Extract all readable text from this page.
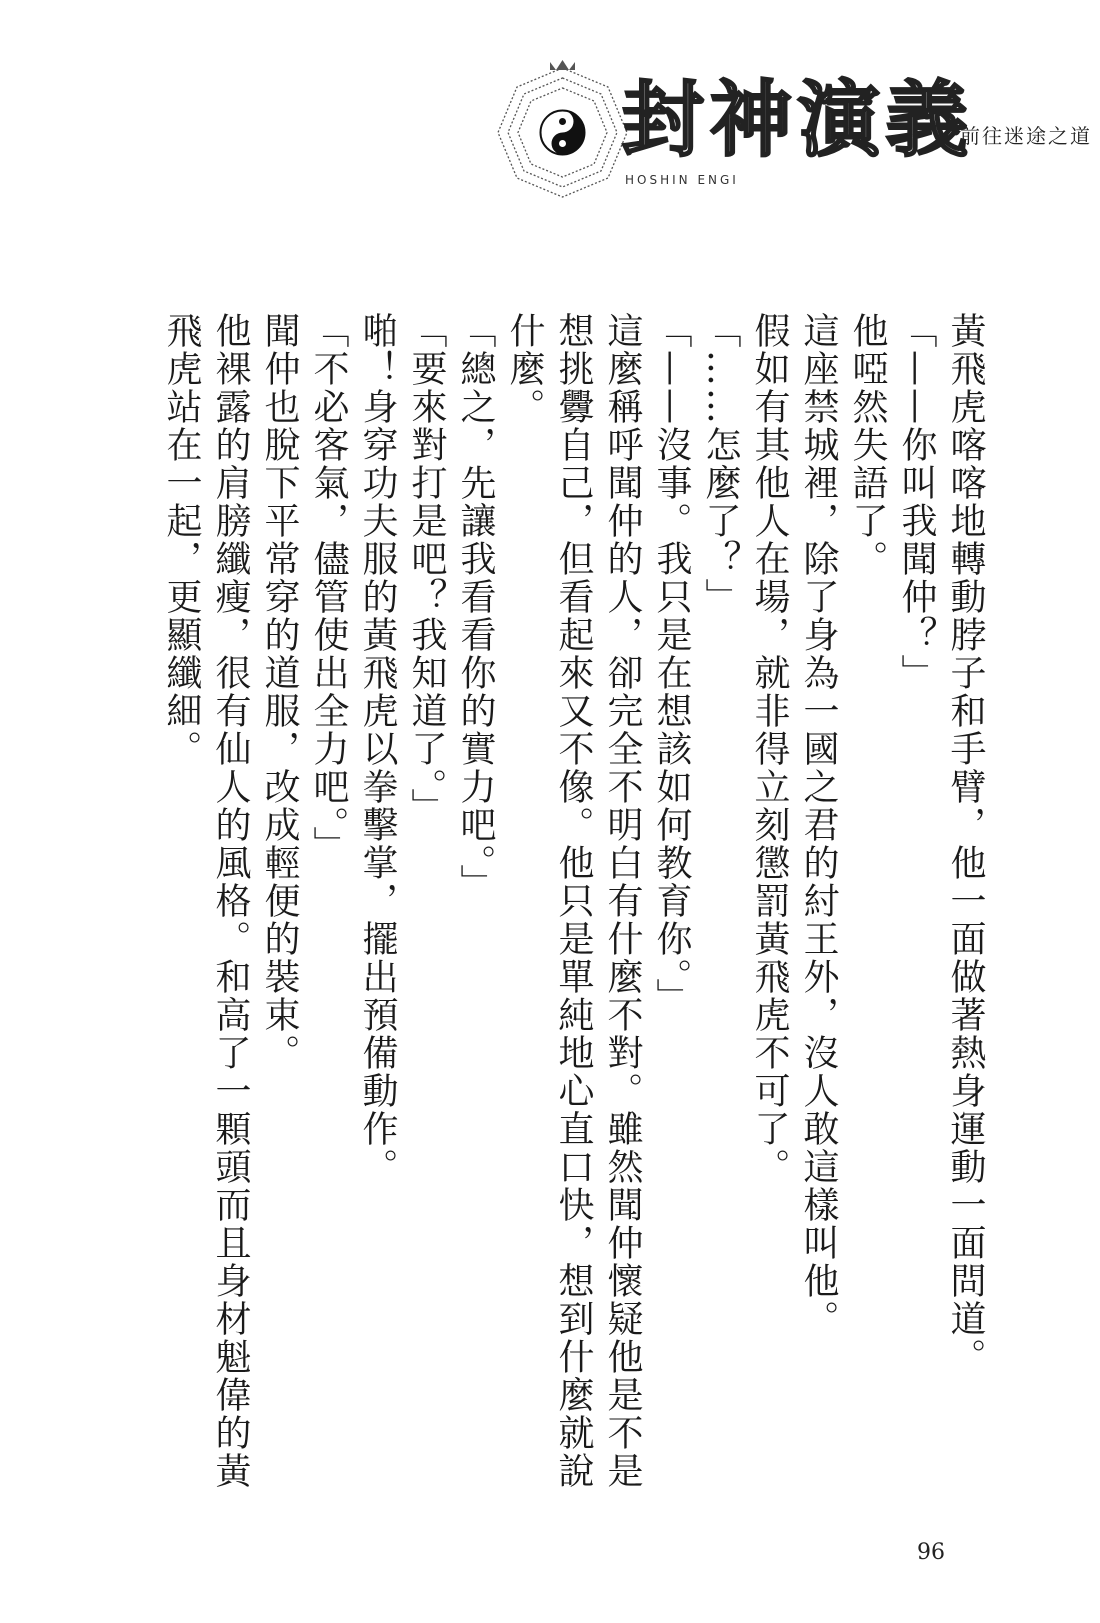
封神演義
HOSHIN ENGI
前往迷途之道

黃飛虎喀喀地轉動脖子和手臂，他一面做著熱身運動一面問道。

「——你叫我聞仲？」

他啞然失語了。

這座禁城裡，除了身為一國之君的紂王外，沒人敢這樣叫他。

假如有其他人在場，就非得立刻懲罰黃飛虎不可了。

「……怎麼了？」

「——沒事。我只是在想該如何教育你。」

這麼稱呼聞仲的人，卻完全不明白有什麼不對。雖然聞仲懷疑他是不是想挑釁自己，但看起來又不像。他只是單純地心直口快，想到什麼就說什麼。

「總之，先讓我看看你的實力吧。」

「要來對打是吧？我知道了。」

啪！身穿功夫服的黃飛虎以拳擊掌，擺出預備動作。

「不必客氣，儘管使出全力吧。」

聞仲也脫下平常穿的道服，改成輕便的裝束。

他裸露的肩膀纖瘦，很有仙人的風格。和高了一顆頭而且身材魁偉的黃飛虎站在一起，更顯纖細。

96
